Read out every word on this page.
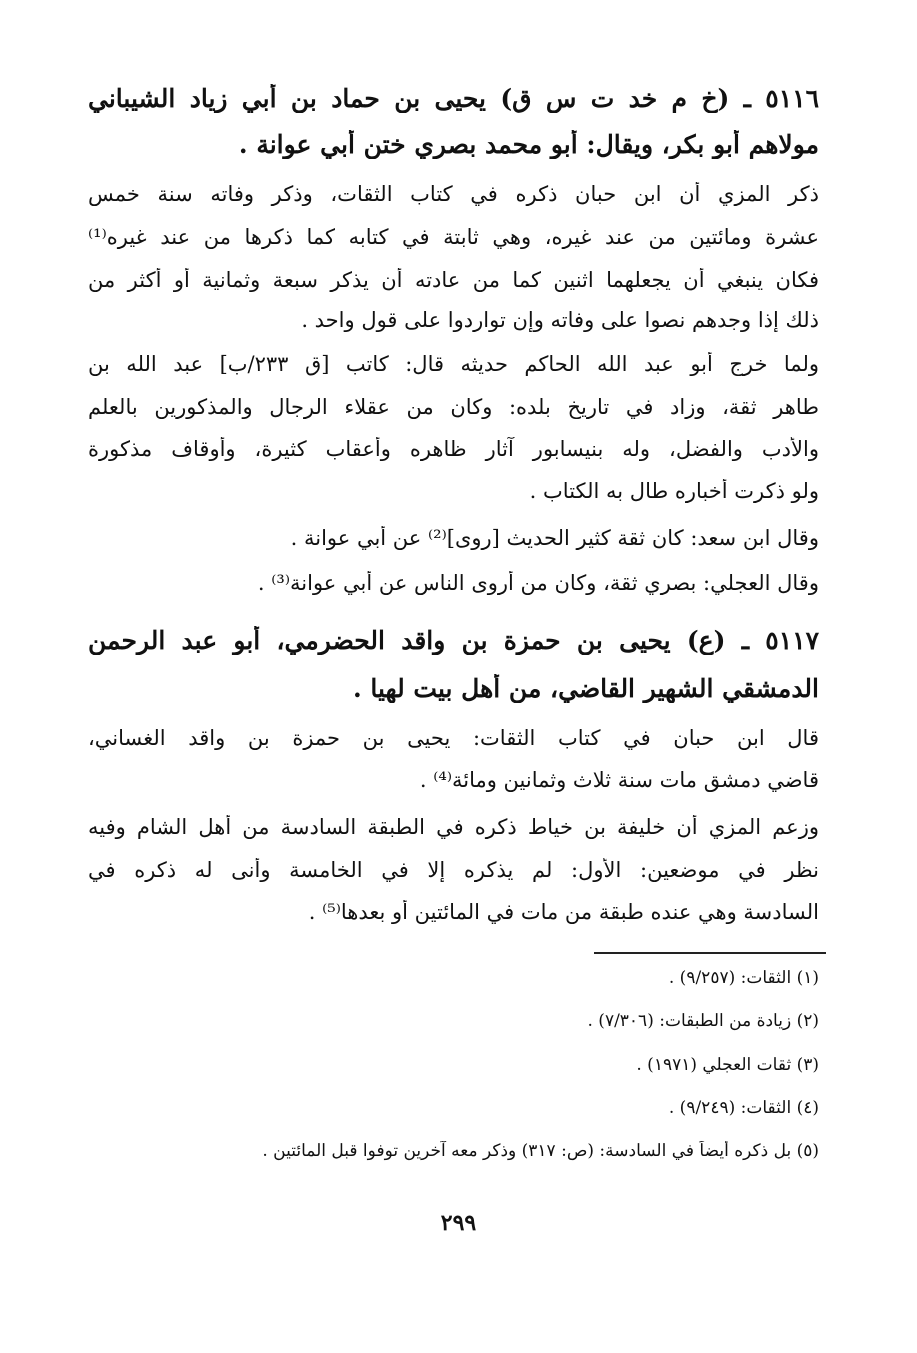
٥١١٦ ـ (خ م خد ت س ق) يحيى بن حماد بن أبي زياد الشيباني
مولاهم أبو بكر، ويقال: أبو محمد بصري ختن أبي عوانة .
ذكر المزي أن ابن حبان ذكره في كتاب الثقات، وذكر وفاته سنة خمس
عشرة ومائتين من عند غيره، وهي ثابتة في كتابه كما ذكرها من عند غيره⁽¹⁾
فكان ينبغي أن يجعلهما اثنين كما من عادته أن يذكر سبعة وثمانية أو أكثر من
ذلك إذا وجدهم نصوا على وفاته وإن تواردوا على قول واحد .
ولما خرج أبو عبد الله الحاكم حديثه قال: كاتب [ق ٢٣٣/ب] عبد الله بن
طاهر ثقة، وزاد في تاريخ بلده: وكان من عقلاء الرجال والمذكورين بالعلم
والأدب والفضل، وله بنيسابور آثار ظاهره وأعقاب كثيرة، وأوقاف مذكورة
ولو ذكرت أخباره طال به الكتاب .
وقال ابن سعد: كان ثقة كثير الحديث [روى]⁽²⁾ عن أبي عوانة .
وقال العجلي: بصري ثقة، وكان من أروى الناس عن أبي عوانة⁽³⁾ .
٥١١٧ ـ (ع) يحيى بن حمزة بن واقد الحضرمي، أبو عبد الرحمن
الدمشقي الشهير القاضي، من أهل بيت لهيا .
قال ابن حبان في كتاب الثقات: يحيى بن حمزة بن واقد الغساني،
قاضي دمشق مات سنة ثلاث وثمانين ومائة⁽⁴⁾ .
وزعم المزي أن خليفة بن خياط ذكره في الطبقة السادسة من أهل الشام وفيه
نظر في موضعين: الأول: لم يذكره إلا في الخامسة وأنى له ذكره في
السادسة وهي عنده طبقة من مات في المائتين أو بعدها⁽⁵⁾ .
(١) الثقات: (٩/٢٥٧) .
(٢) زيادة من الطبقات: (٧/٣٠٦) .
(٣) ثقات العجلي (١٩٧١) .
(٤) الثقات: (٩/٢٤٩) .
(٥) بل ذكره أيضاً في السادسة: (ص: ٣١٧) وذكر معه آخرين توفوا قبل المائتين .
٢٩٩
